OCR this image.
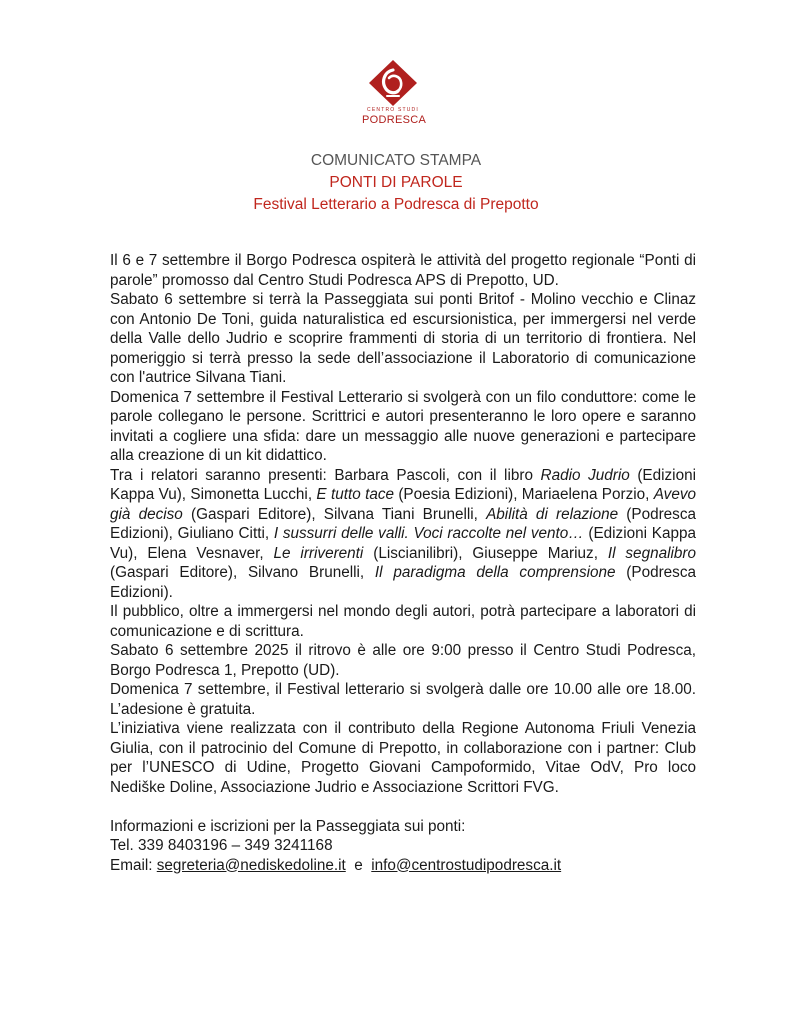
CENTRO STUDI
PODRESCA
COMUNICATO STAMPA
PONTI DI PAROLE
Festival Letterario a Podresca di Prepotto

Il 6 e 7 settembre il Borgo Podresca ospiterà le attività del progetto regionale “Ponti di parole” promosso dal Centro Studi Podresca APS di Prepotto, UD.

Sabato 6 settembre si terrà la Passeggiata sui ponti Britof - Molino vecchio e Clinaz con Antonio De Toni, guida naturalistica ed escursionistica, per immergersi nel verde della Valle dello Judrio e scoprire frammenti di storia di un territorio di frontiera. Nel pomeriggio si terrà presso la sede dell’associazione il Laboratorio di comunicazione con l'autrice Silvana Tiani.

Domenica 7 settembre il Festival Letterario si svolgerà con un filo conduttore: come le parole collegano le persone. Scrittrici e autori presenteranno le loro opere e saranno invitati a cogliere una sfida: dare un messaggio alle nuove generazioni e partecipare alla creazione di un kit didattico.

Tra i relatori saranno presenti: Barbara Pascoli, con il libro Radio Judrio (Edizioni Kappa Vu), Simonetta Lucchi, E tutto tace (Poesia Edizioni), Mariaelena Porzio, Avevo già deciso (Gaspari Editore), Silvana Tiani Brunelli, Abilità di relazione (Podresca Edizioni), Giuliano Citti, I sussurri delle valli. Voci raccolte nel vento… (Edizioni Kappa Vu), Elena Vesnaver, Le irriverenti (Liscianilibri), Giuseppe Mariuz, Il segnalibro (Gaspari Editore), Silvano Brunelli, Il paradigma della comprensione (Podresca Edizioni).

Il pubblico, oltre a immergersi nel mondo degli autori, potrà partecipare a laboratori di comunicazione e di scrittura.

Sabato 6 settembre 2025 il ritrovo è alle ore 9:00 presso il Centro Studi Podresca, Borgo Podresca 1, Prepotto (UD).

Domenica 7 settembre, il Festival letterario si svolgerà dalle ore 10.00 alle ore 18.00. L’adesione è gratuita.

L’iniziativa viene realizzata con il contributo della Regione Autonoma Friuli Venezia Giulia, con il patrocinio del Comune di Prepotto, in collaborazione con i partner: Club per l’UNESCO di Udine, Progetto Giovani Campoformido, Vitae OdV, Pro loco Nediške Doline, Associazione Judrio e Associazione Scrittori FVG.

Informazioni e iscrizioni per la Passeggiata sui ponti:

Tel. 339 8403196 – 349 3241168

Email: segreteria@nediskedoline.it  e  info@centrostudipodresca.it
